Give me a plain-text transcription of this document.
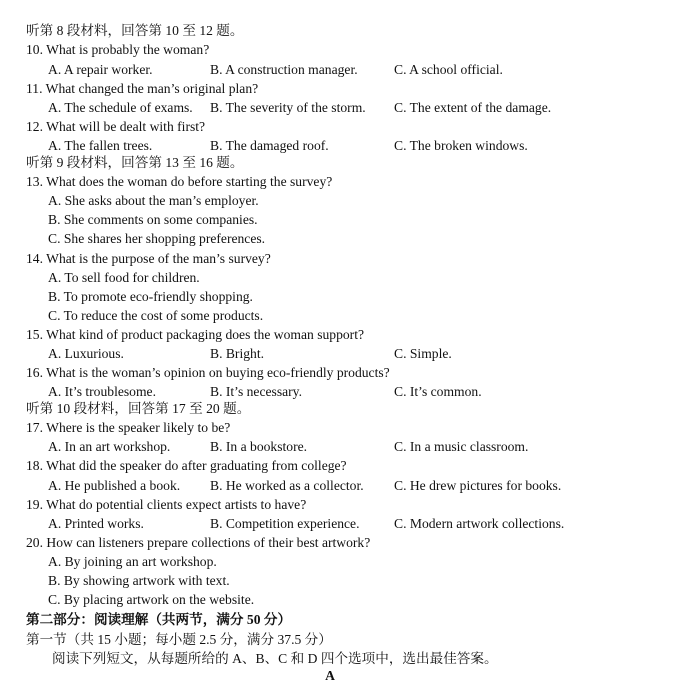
听第 8 段材料，回答第 10 至 12 题。
10. What is probably the woman?
A. A repair worker.	B. A construction manager.	C. A school official.
11. What changed the man’s original plan?
A. The schedule of exams. B. The severity of the storm. C. The extent of the damage.
12. What will be dealt with first?
A. The fallen trees.	B. The damaged roof.	C. The broken windows.
听第 9 段材料，回答第 13 至 16 题。
13. What does the woman do before starting the survey?
A. She asks about the man’s employer.
B. She comments on some companies.
C. She shares her shopping preferences.
14. What is the purpose of the man’s survey?
A. To sell food for children.
B. To promote eco-friendly shopping.
C. To reduce the cost of some products.
15. What kind of product packaging does the woman support?
A. Luxurious.	B. Bright.	C. Simple.
16. What is the woman’s opinion on buying eco-friendly products?
A. It’s troublesome.	B. It’s necessary.	C. It’s common.
听第 10 段材料，回答第 17 至 20 题。
17. Where is the speaker likely to be?
A. In an art workshop.	B. In a bookstore.	C. In a music classroom.
18. What did the speaker do after graduating from college?
A. He published a book. B. He worked as a collector. C. He drew pictures for books.
19. What do potential clients expect artists to have?
A. Printed works.	B. Competition experience.	C. Modern artwork collections.
20. How can listeners prepare collections of their best artwork?
A. By joining an art workshop.
B. By showing artwork with text.
C. By placing artwork on the website.
第二部分：阅读理解（共两节，满分 50 分）
第一节（共 15 小题；每小题 2.5 分，满分 37.5 分）
阅读下列短文，从每题所给的 A、B、C 和 D 四个选项中，选出最佳答案。
A
